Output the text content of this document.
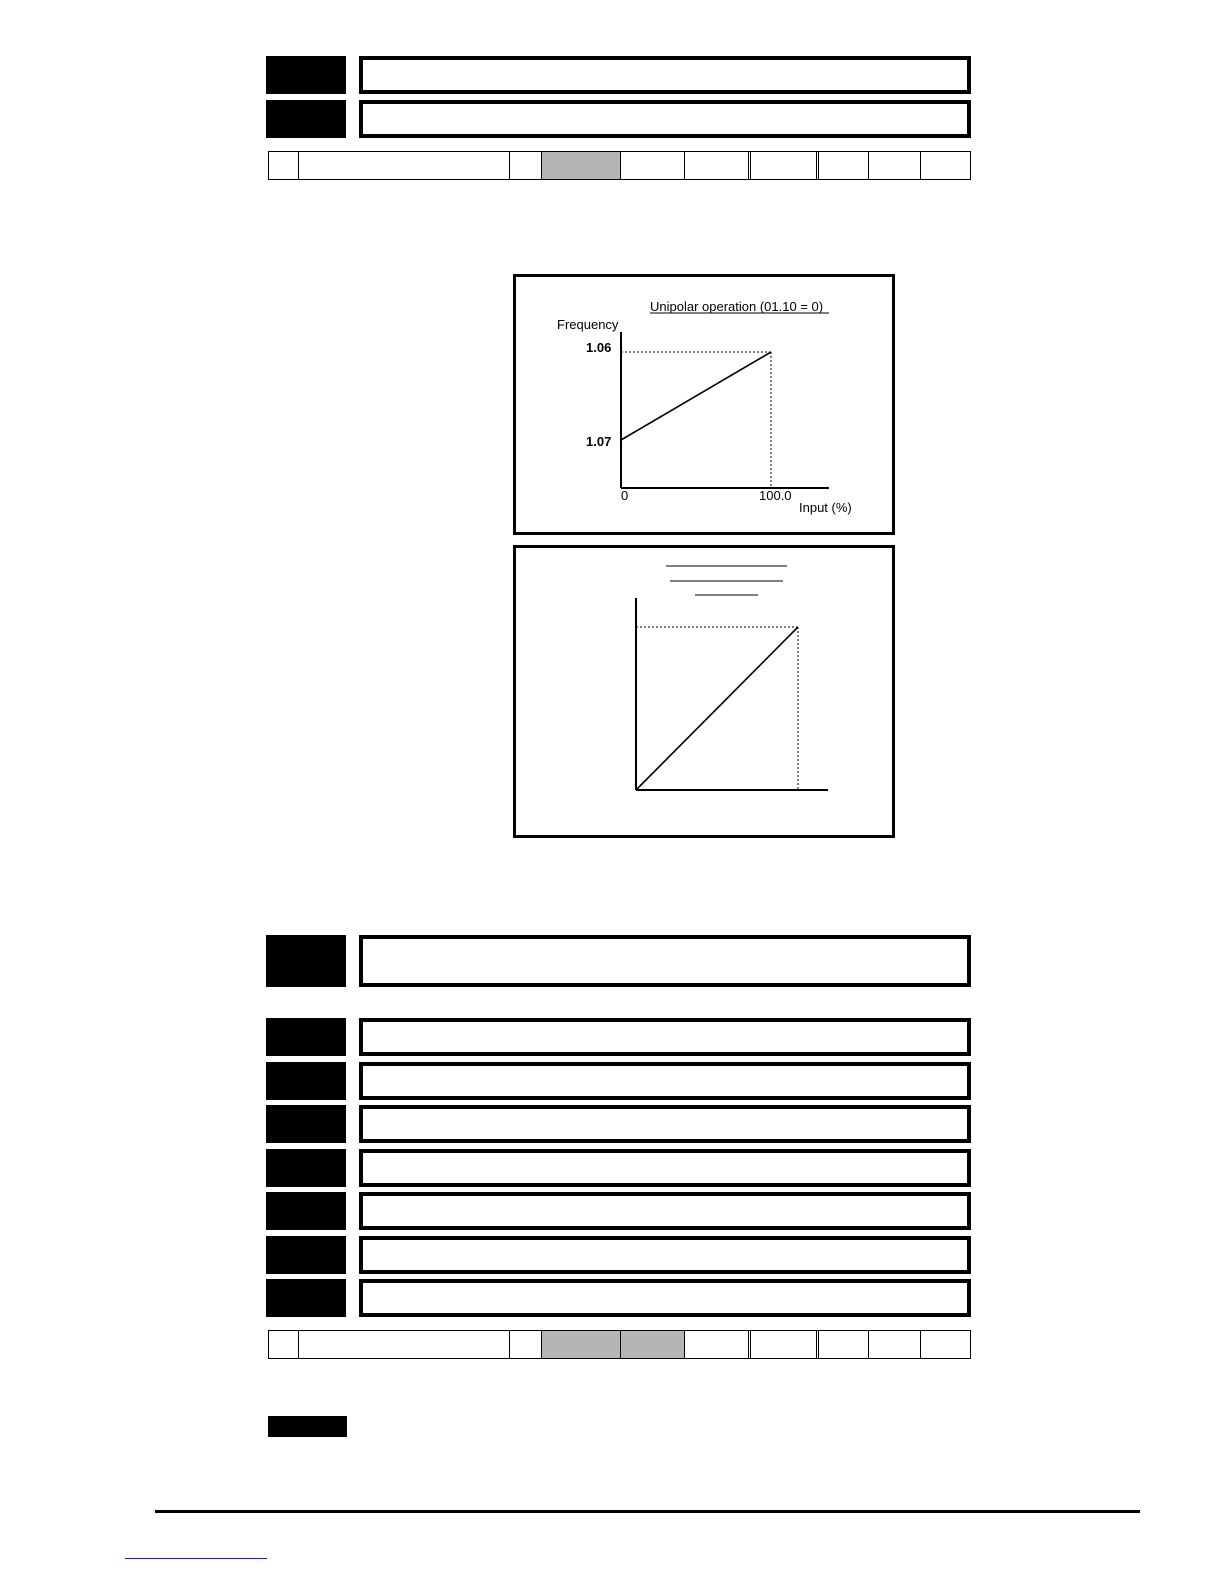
Unipolar operation (01.10 = 0)
Frequency
1.06
1.07
0	100.0
Input (%)
